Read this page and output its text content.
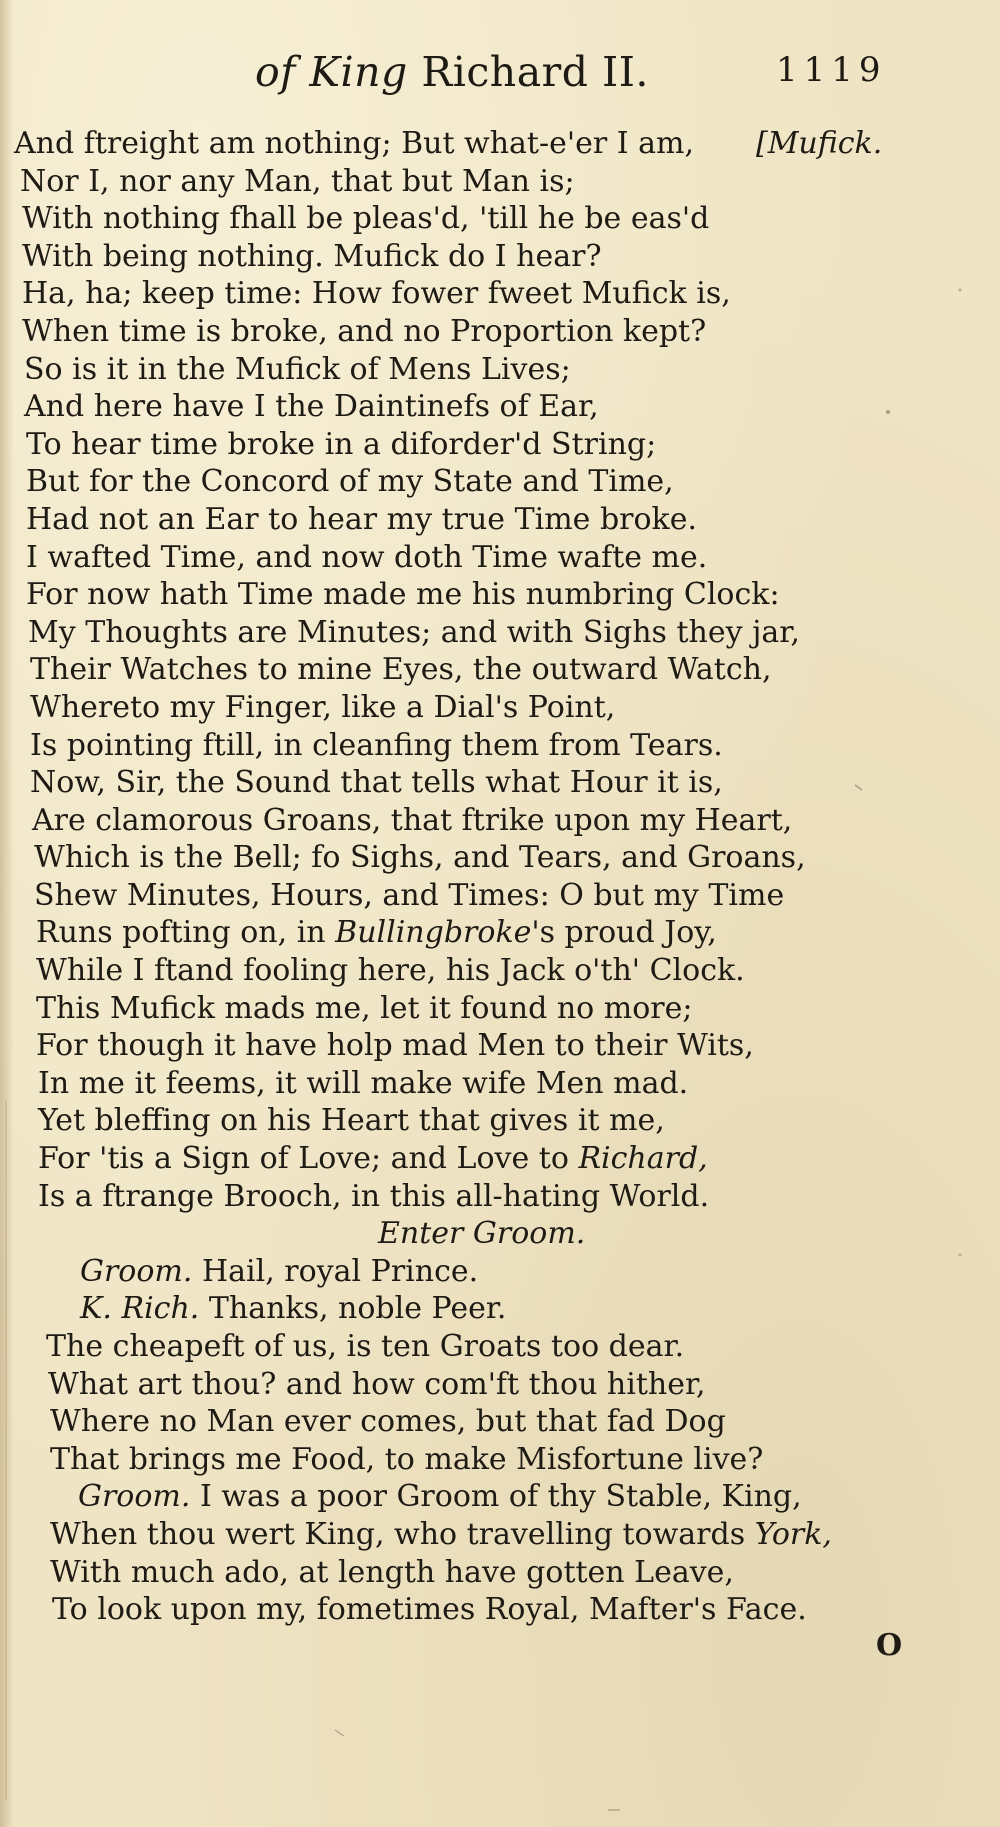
of King Richard II.	1119
And ftreight am nothing; But what-e'er I am, [Mufick.
Nor I, nor any Man, that but Man is;
With nothing fhall be pleas'd, 'till he be eas'd
With being nothing. Mufick do I hear?
Ha, ha; keep time: How fower fweet Mufick is,
When time is broke, and no Proportion kept?
So is it in the Mufick of Mens Lives;
And here have I the Daintinefs of Ear,
To hear time broke in a diforder'd String;
But for the Concord of my State and Time,
Had not an Ear to hear my true Time broke.
I wafted Time, and now doth Time wafte me.
For now hath Time made me his numbring Clock:
My Thoughts are Minutes; and with Sighs they jar,
Their Watches to mine Eyes, the outward Watch,
Whereto my Finger, like a Dial's Point,
Is pointing ftill, in cleanfing them from Tears.
Now, Sir, the Sound that tells what Hour it is,
Are clamorous Groans, that ftrike upon my Heart,
Which is the Bell; fo Sighs, and Tears, and Groans,
Shew Minutes, Hours, and Times: O but my Time
Runs pofting on, in Bullingbroke's proud Joy,
While I ftand fooling here, his Jack o'th' Clock.
This Mufick mads me, let it found no more;
For though it have holp mad Men to their Wits,
In me it feems, it will make wife Men mad.
Yet bleffing on his Heart that gives it me,
For 'tis a Sign of Love; and Love to Richard,
Is a ftrange Brooch, in this all-hating World.
Enter Groom.
Groom. Hail, royal Prince.
K. Rich. Thanks, noble Peer.
The cheapeft of us, is ten Groats too dear.
What art thou? and how com'ft thou hither,
Where no Man ever comes, but that fad Dog
That brings me Food, to make Misfortune live?
Groom. I was a poor Groom of thy Stable, King,
When thou wert King, who travelling towards York,
With much ado, at length have gotten Leave,
To look upon my, fometimes Royal, Mafter's Face.
O
